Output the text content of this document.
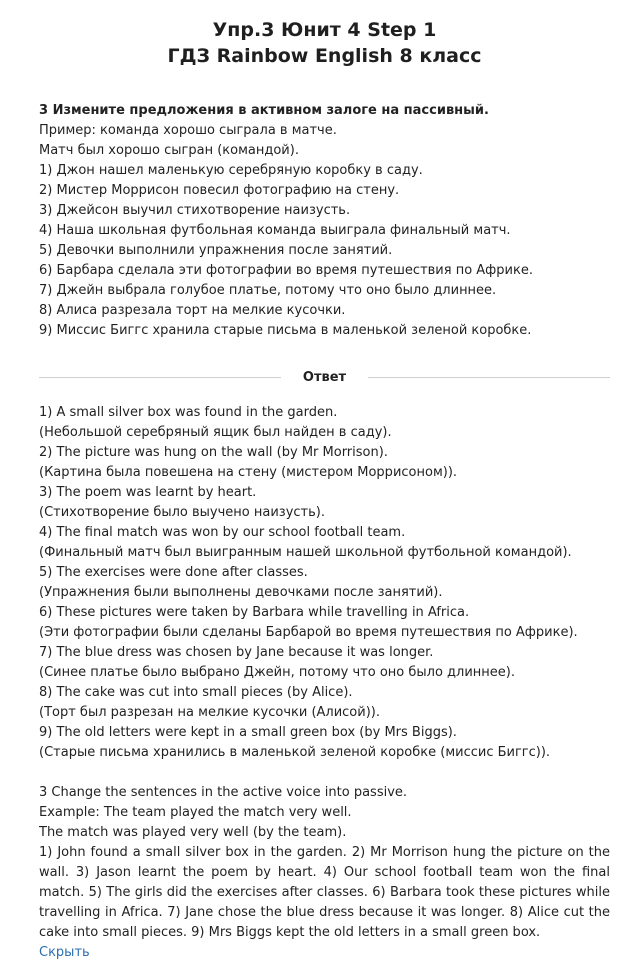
Упр.3 Юнит 4 Step 1
ГДЗ Rainbow English 8 класс
3 Измените предложения в активном залоге на пассивный.
Пример: команда хорошо сыграла в матче.
Матч был хорошо сыгран (командой).
1) Джон нашел маленькую серебряную коробку в саду.
2) Мистер Моррисон повесил фотографию на стену.
3) Джейсон выучил стихотворение наизусть.
4) Наша школьная футбольная команда выиграла финальный матч.
5) Девочки выполнили упражнения после занятий.
6) Барбара сделала эти фотографии во время путешествия по Африке.
7) Джейн выбрала голубое платье, потому что оно было длиннее.
8) Алиса разрезала торт на мелкие кусочки.
9) Миссис Биггс хранила старые письма в маленькой зеленой коробке.
Ответ
1) A small silver box was found in the garden.
(Небольшой серебряный ящик был найден в саду).
2) The picture was hung on the wall (by Mr Morrison).
(Картина была повешена на стену (мистером Моррисоном)).
3) The poem was learnt by heart.
(Стихотворение было выучено наизусть).
4) The final match was won by our school football team.
(Финальный матч был выигранным нашей школьной футбольной командой).
5) The exercises were done after classes.
(Упражнения были выполнены девочками после занятий).
6) These pictures were taken by Barbara while travelling in Africa.
(Эти фотографии были сделаны Барбарой во время путешествия по Африке).
7) The blue dress was chosen by Jane because it was longer.
(Синее платье было выбрано Джейн, потому что оно было длиннее).
8) The cake was cut into small pieces (by Alice).
(Торт был разрезан на мелкие кусочки (Алисой)).
9) The old letters were kept in a small green box (by Mrs Biggs).
(Старые письма хранились в маленькой зеленой коробке (миссис Биггс)).
3 Change the sentences in the active voice into passive.
Example: The team played the match very well.
The match was played very well (by the team).
1) John found a small silver box in the garden. 2) Mr Morrison hung the picture on the wall. 3) Jason learnt the poem by heart. 4) Our school football team won the final match. 5) The girls did the exercises after classes. 6) Barbara took these pictures while travelling in Africa. 7) Jane chose the blue dress because it was longer. 8) Alice cut the cake into small pieces. 9) Mrs Biggs kept the old letters in a small green box.
Скрыть
